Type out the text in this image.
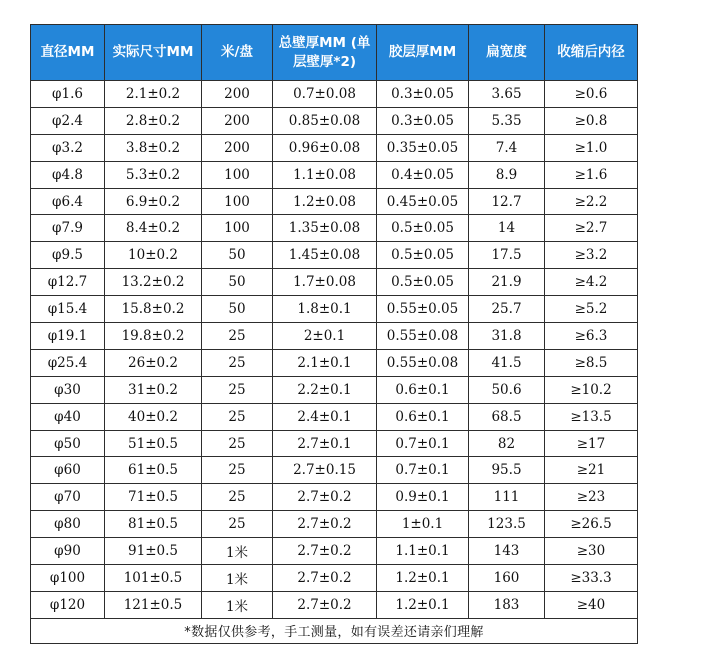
直径MM	实际尺寸MM	米/盘	总壁厚MM (单层壁厚*2)	胶层厚MM	扁宽度	收缩后内径
φ1.6	2.1±0.2	200	0.7±0.08	0.3±0.05	3.65	≥0.6
φ2.4	2.8±0.2	200	0.85±0.08	0.3±0.05	5.35	≥0.8
φ3.2	3.8±0.2	200	0.96±0.08	0.35±0.05	7.4	≥1.0
φ4.8	5.3±0.2	100	1.1±0.08	0.4±0.05	8.9	≥1.6
φ6.4	6.9±0.2	100	1.2±0.08	0.45±0.05	12.7	≥2.2
φ7.9	8.4±0.2	100	1.35±0.08	0.5±0.05	14	≥2.7
φ9.5	10±0.2	50	1.45±0.08	0.5±0.05	17.5	≥3.2
φ12.7	13.2±0.2	50	1.7±0.08	0.5±0.05	21.9	≥4.2
φ15.4	15.8±0.2	50	1.8±0.1	0.55±0.05	25.7	≥5.2
φ19.1	19.8±0.2	25	2±0.1	0.55±0.08	31.8	≥6.3
φ25.4	26±0.2	25	2.1±0.1	0.55±0.08	41.5	≥8.5
φ30	31±0.2	25	2.2±0.1	0.6±0.1	50.6	≥10.2
φ40	40±0.2	25	2.4±0.1	0.6±0.1	68.5	≥13.5
φ50	51±0.5	25	2.7±0.1	0.7±0.1	82	≥17
φ60	61±0.5	25	2.7±0.15	0.7±0.1	95.5	≥21
φ70	71±0.5	25	2.7±0.2	0.9±0.1	111	≥23
φ80	81±0.5	25	2.7±0.2	1±0.1	123.5	≥26.5
φ90	91±0.5	1米	2.7±0.2	1.1±0.1	143	≥30
φ100	101±0.5	1米	2.7±0.2	1.2±0.1	160	≥33.3
φ120	121±0.5	1米	2.7±0.2	1.2±0.1	183	≥40
*数据仅供参考，手工测量，如有误差还请亲们理解						
